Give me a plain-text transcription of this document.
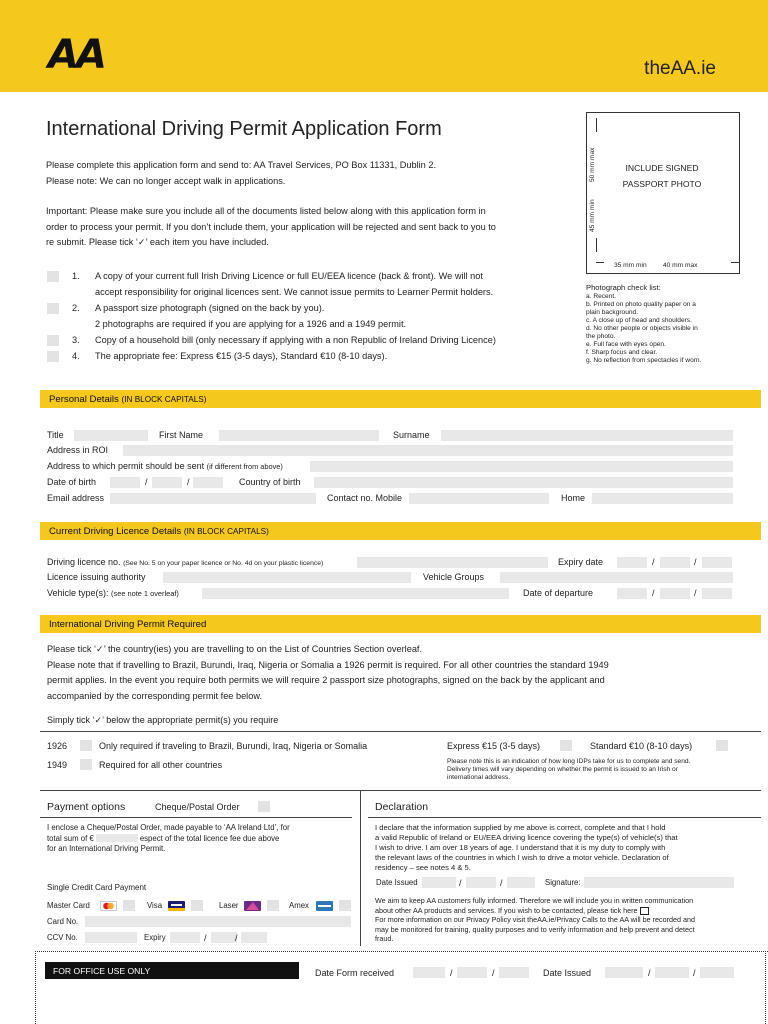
AA	theAA.ie
International Driving Permit Application Form
Please complete this application form and send to: AA Travel Services, PO Box 11331, Dublin 2.
Please note: We can no longer accept walk in applications.
Important: Please make sure you include all of the documents listed below along with this application form in
order to process your permit. If you don’t include them, your application will be rejected and sent back to you to
re submit. Please tick ‘✓’ each item you have included.
1. A copy of your current full Irish Driving Licence or full EU/EEA licence (back & front). We will not
accept responsibility for original licences sent. We cannot issue permits to Learner Permit holders.
2. A passport size photograph (signed on the back by you).
2 photographs are required if you are applying for a 1926 and a 1949 permit.
3. Copy of a household bill (only necessary if applying with a non Republic of Ireland Driving Licence)
4. The appropriate fee: Express €15 (3-5 days), Standard €10 (8-10 days).
50 mm max
45 mm min
INCLUDE SIGNED
PASSPORT PHOTO
35 mm min 40 mm max
Photograph check list:
a. Recent.
b. Printed on photo quality paper on a
plain background.
c. A close up of head and shoulders.
d. No other people or objects visible in
the photo.
e. Full face with eyes open.
f. Sharp focus and clear.
g. No reflection from spectacles if worn.
Personal Details (IN BLOCK CAPITALS)
Title	First Name	Surname
Address in ROI
Address to which permit should be sent (if different from above)
Date of birth	/	/	Country of birth
Email address	Contact no. Mobile	Home
Current Driving Licence Details (IN BLOCK CAPITALS)
Driving licence no. (See No. 5 on your paper licence or No. 4d on your plastic licence)	Expiry date	/	/
Licence issuing authority	Vehicle Groups
Vehicle type(s): (see note 1 overleaf)	Date of departure	/	/
International Driving Permit Required
Please tick ‘✓’ the country(ies) you are travelling to on the List of Countries Section overleaf.
Please note that if travelling to Brazil, Burundi, Iraq, Nigeria or Somalia a 1926 permit is required. For all other countries the standard 1949
permit applies. In the event you require both permits we will require 2 passport size photographs, signed on the back by the applicant and
accompanied by the corresponding permit fee below.
Simply tick ‘✓’ below the appropriate permit(s) you require
1926	Only required if traveling to Brazil, Burundi, Iraq, Nigeria or Somalia	Express €15 (3-5 days)	Standard €10 (8-10 days)
1949	Required for all other countries	Please note this is an indication of how long IDPs take for us to complete and send.
Delivery times will vary depending on whether the permit is issued to an Irish or
international address.
Payment options	Cheque/Postal Order
I enclose a Cheque/Postal Order, made payable to ‘AA Ireland Ltd’, for
total sum of €	espect of the total licence fee due above
for an International Driving Permit.
Single Credit Card Payment
Master Card	Visa	Laser	Amex
Card No.
CCV No.	Expiry	/	/
Declaration
I declare that the information supplied by me above is correct, complete and that I hold
a valid Republic of Ireland or EU/EEA driving licence covering the type(s) of vehicle(s) that
I wish to drive. I am over 18 years of age. I understand that it is my duty to comply with
the relevant laws of the countries in which I wish to drive a motor vehicle. Declaration of
residency – see notes 4 & 5.
Date Issued	/	/	Signature:
We aim to keep AA customers fully informed. Therefore we will include you in written communication
about other AA products and services. If you wish to be contacted, please tick here
For more information on our Privacy Policy visit theAA.ie/Privacy Calls to the AA will be recorded and
may be monitored for training, quality purposes and to verify information and help prevent and detect
fraud.
FOR OFFICE USE ONLY	Date Form received	/	/	Date Issued	/	/
